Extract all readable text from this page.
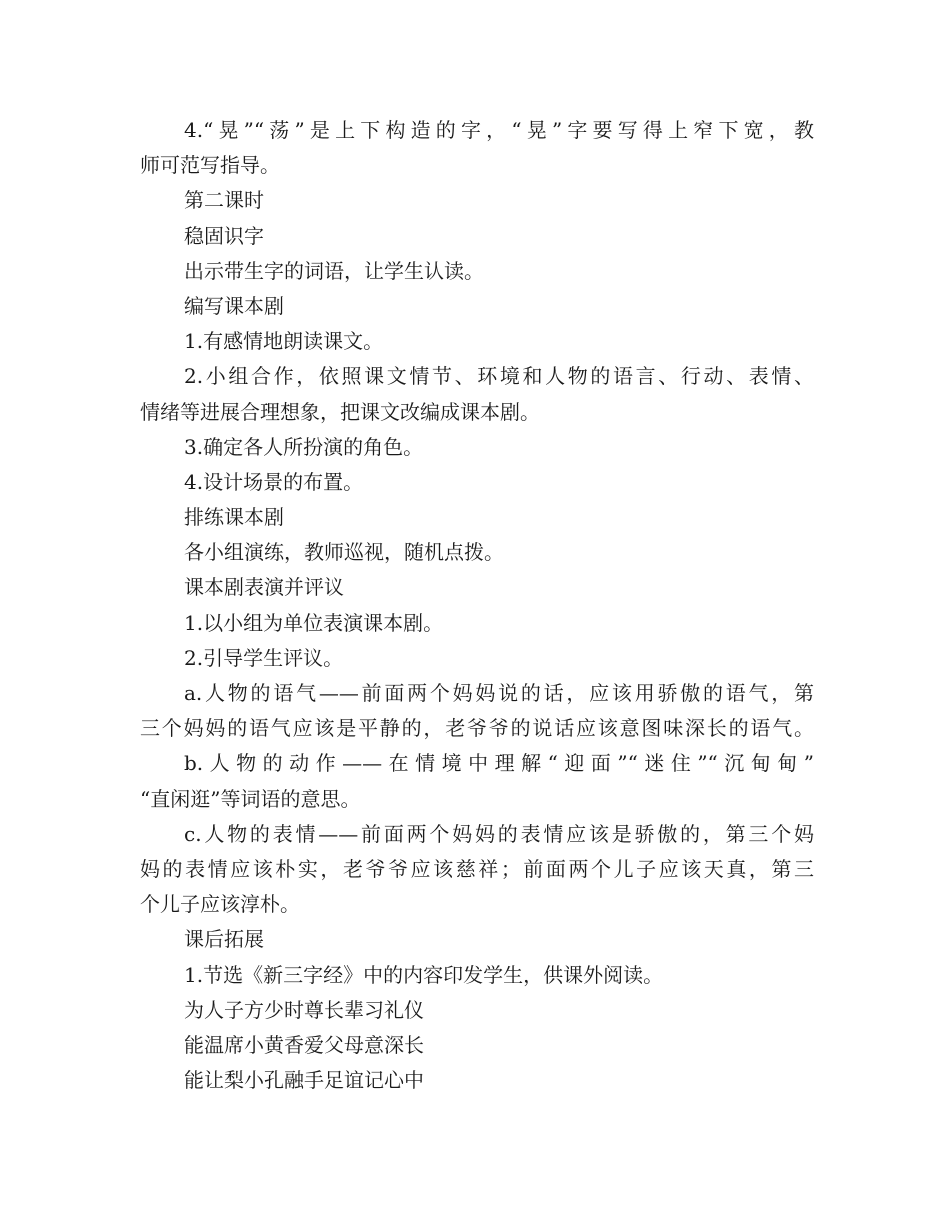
4.“晃”“荡”是上下构造的字，“晃”字要写得上窄下宽，教
师可范写指导。
第二课时
稳固识字
出示带生字的词语，让学生认读。
编写课本剧
1.有感情地朗读课文。
2.小组合作，依照课文情节、环境和人物的语言、行动、表情、
情绪等进展合理想象，把课文改编成课本剧。
3.确定各人所扮演的角色。
4.设计场景的布置。
排练课本剧
各小组演练，教师巡视，随机点拨。
课本剧表演并评议
1.以小组为单位表演课本剧。
2.引导学生评议。
a.人物的语气——前面两个妈妈说的话，应该用骄傲的语气，第
三个妈妈的语气应该是平静的，老爷爷的说话应该意图味深长的语气。
b.人物的动作——在情境中理解“迎面”“迷住”“沉甸甸”
“直闲逛”等词语的意思。
c.人物的表情——前面两个妈妈的表情应该是骄傲的，第三个妈
妈的表情应该朴实，老爷爷应该慈祥；前面两个儿子应该天真，第三
个儿子应该淳朴。
课后拓展
1.节选《新三字经》中的内容印发学生，供课外阅读。
为人子方少时尊长辈习礼仪
能温席小黄香爱父母意深长
能让梨小孔融手足谊记心中
